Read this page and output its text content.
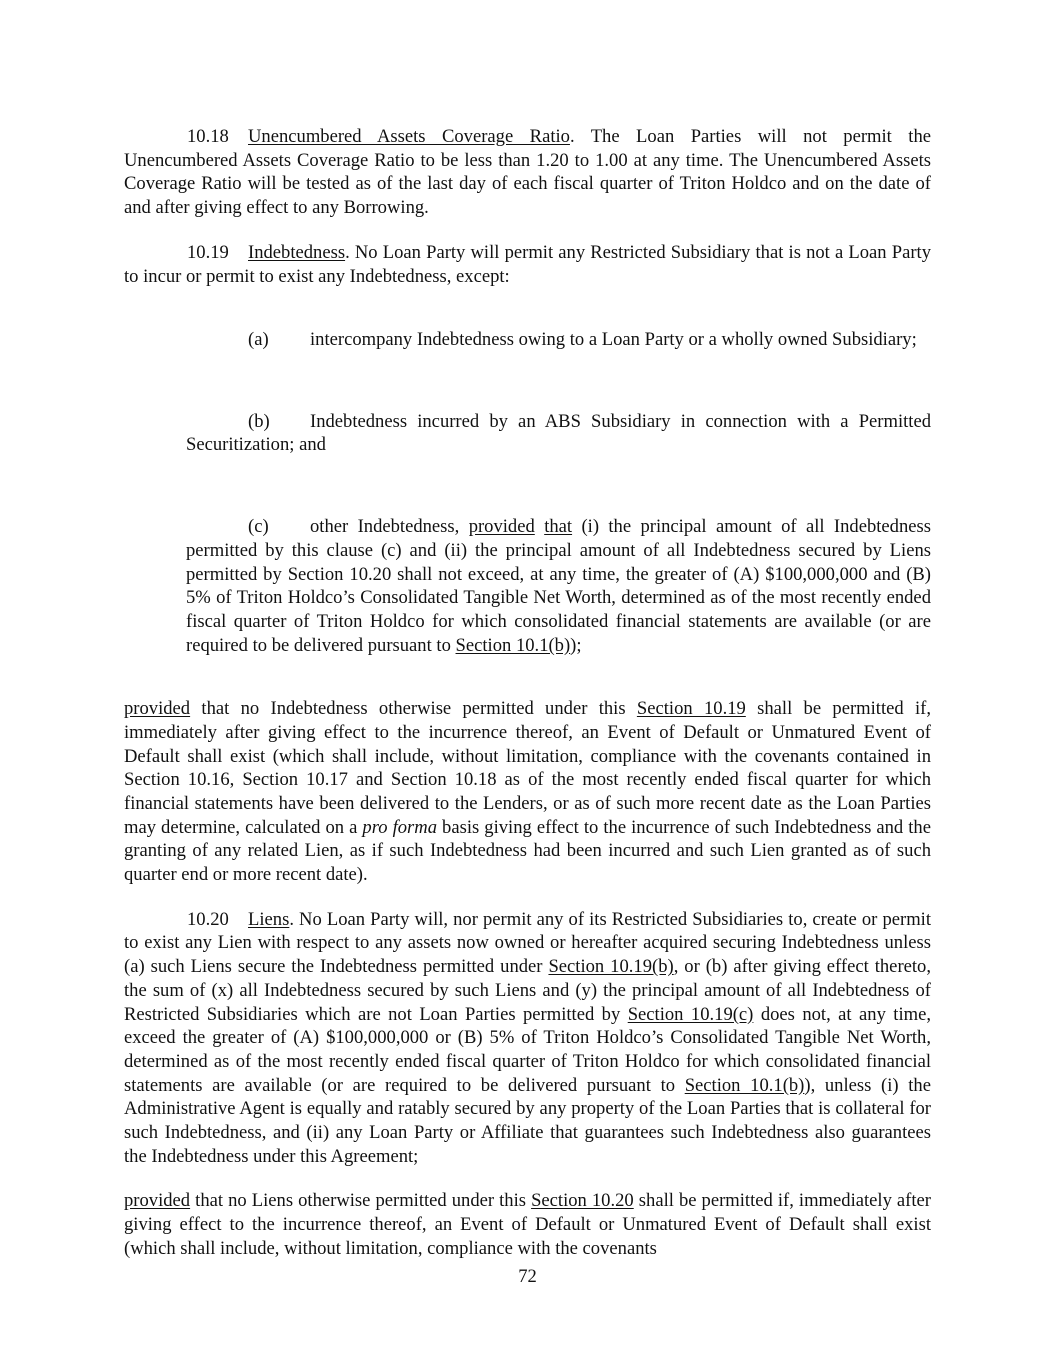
10.18 Unencumbered Assets Coverage Ratio. The Loan Parties will not permit the Unencumbered Assets Coverage Ratio to be less than 1.20 to 1.00 at any time. The Unencumbered Assets Coverage Ratio will be tested as of the last day of each fiscal quarter of Triton Holdco and on the date of and after giving effect to any Borrowing.

10.19 Indebtedness. No Loan Party will permit any Restricted Subsidiary that is not a Loan Party to incur or permit to exist any Indebtedness, except:

(a) intercompany Indebtedness owing to a Loan Party or a wholly owned Subsidiary;

(b) Indebtedness incurred by an ABS Subsidiary in connection with a Permitted Securitization; and

(c) other Indebtedness, provided that (i) the principal amount of all Indebtedness permitted by this clause (c) and (ii) the principal amount of all Indebtedness secured by Liens permitted by Section 10.20 shall not exceed, at any time, the greater of (A) $100,000,000 and (B) 5% of Triton Holdco’s Consolidated Tangible Net Worth, determined as of the most recently ended fiscal quarter of Triton Holdco for which consolidated financial statements are available (or are required to be delivered pursuant to Section 10.1(b));

provided that no Indebtedness otherwise permitted under this Section 10.19 shall be permitted if, immediately after giving effect to the incurrence thereof, an Event of Default or Unmatured Event of Default shall exist (which shall include, without limitation, compliance with the covenants contained in Section 10.16, Section 10.17 and Section 10.18 as of the most recently ended fiscal quarter for which financial statements have been delivered to the Lenders, or as of such more recent date as the Loan Parties may determine, calculated on a pro forma basis giving effect to the incurrence of such Indebtedness and the granting of any related Lien, as if such Indebtedness had been incurred and such Lien granted as of such quarter end or more recent date).

10.20 Liens. No Loan Party will, nor permit any of its Restricted Subsidiaries to, create or permit to exist any Lien with respect to any assets now owned or hereafter acquired securing Indebtedness unless (a) such Liens secure the Indebtedness permitted under Section 10.19(b), or (b) after giving effect thereto, the sum of (x) all Indebtedness secured by such Liens and (y) the principal amount of all Indebtedness of Restricted Subsidiaries which are not Loan Parties permitted by Section 10.19(c) does not, at any time, exceed the greater of (A) $100,000,000 or (B) 5% of Triton Holdco’s Consolidated Tangible Net Worth, determined as of the most recently ended fiscal quarter of Triton Holdco for which consolidated financial statements are available (or are required to be delivered pursuant to Section 10.1(b)), unless (i) the Administrative Agent is equally and ratably secured by any property of the Loan Parties that is collateral for such Indebtedness, and (ii) any Loan Party or Affiliate that guarantees such Indebtedness also guarantees the Indebtedness under this Agreement;

provided that no Liens otherwise permitted under this Section 10.20 shall be permitted if, immediately after giving effect to the incurrence thereof, an Event of Default or Unmatured Event of Default shall exist (which shall include, without limitation, compliance with the covenants

72
